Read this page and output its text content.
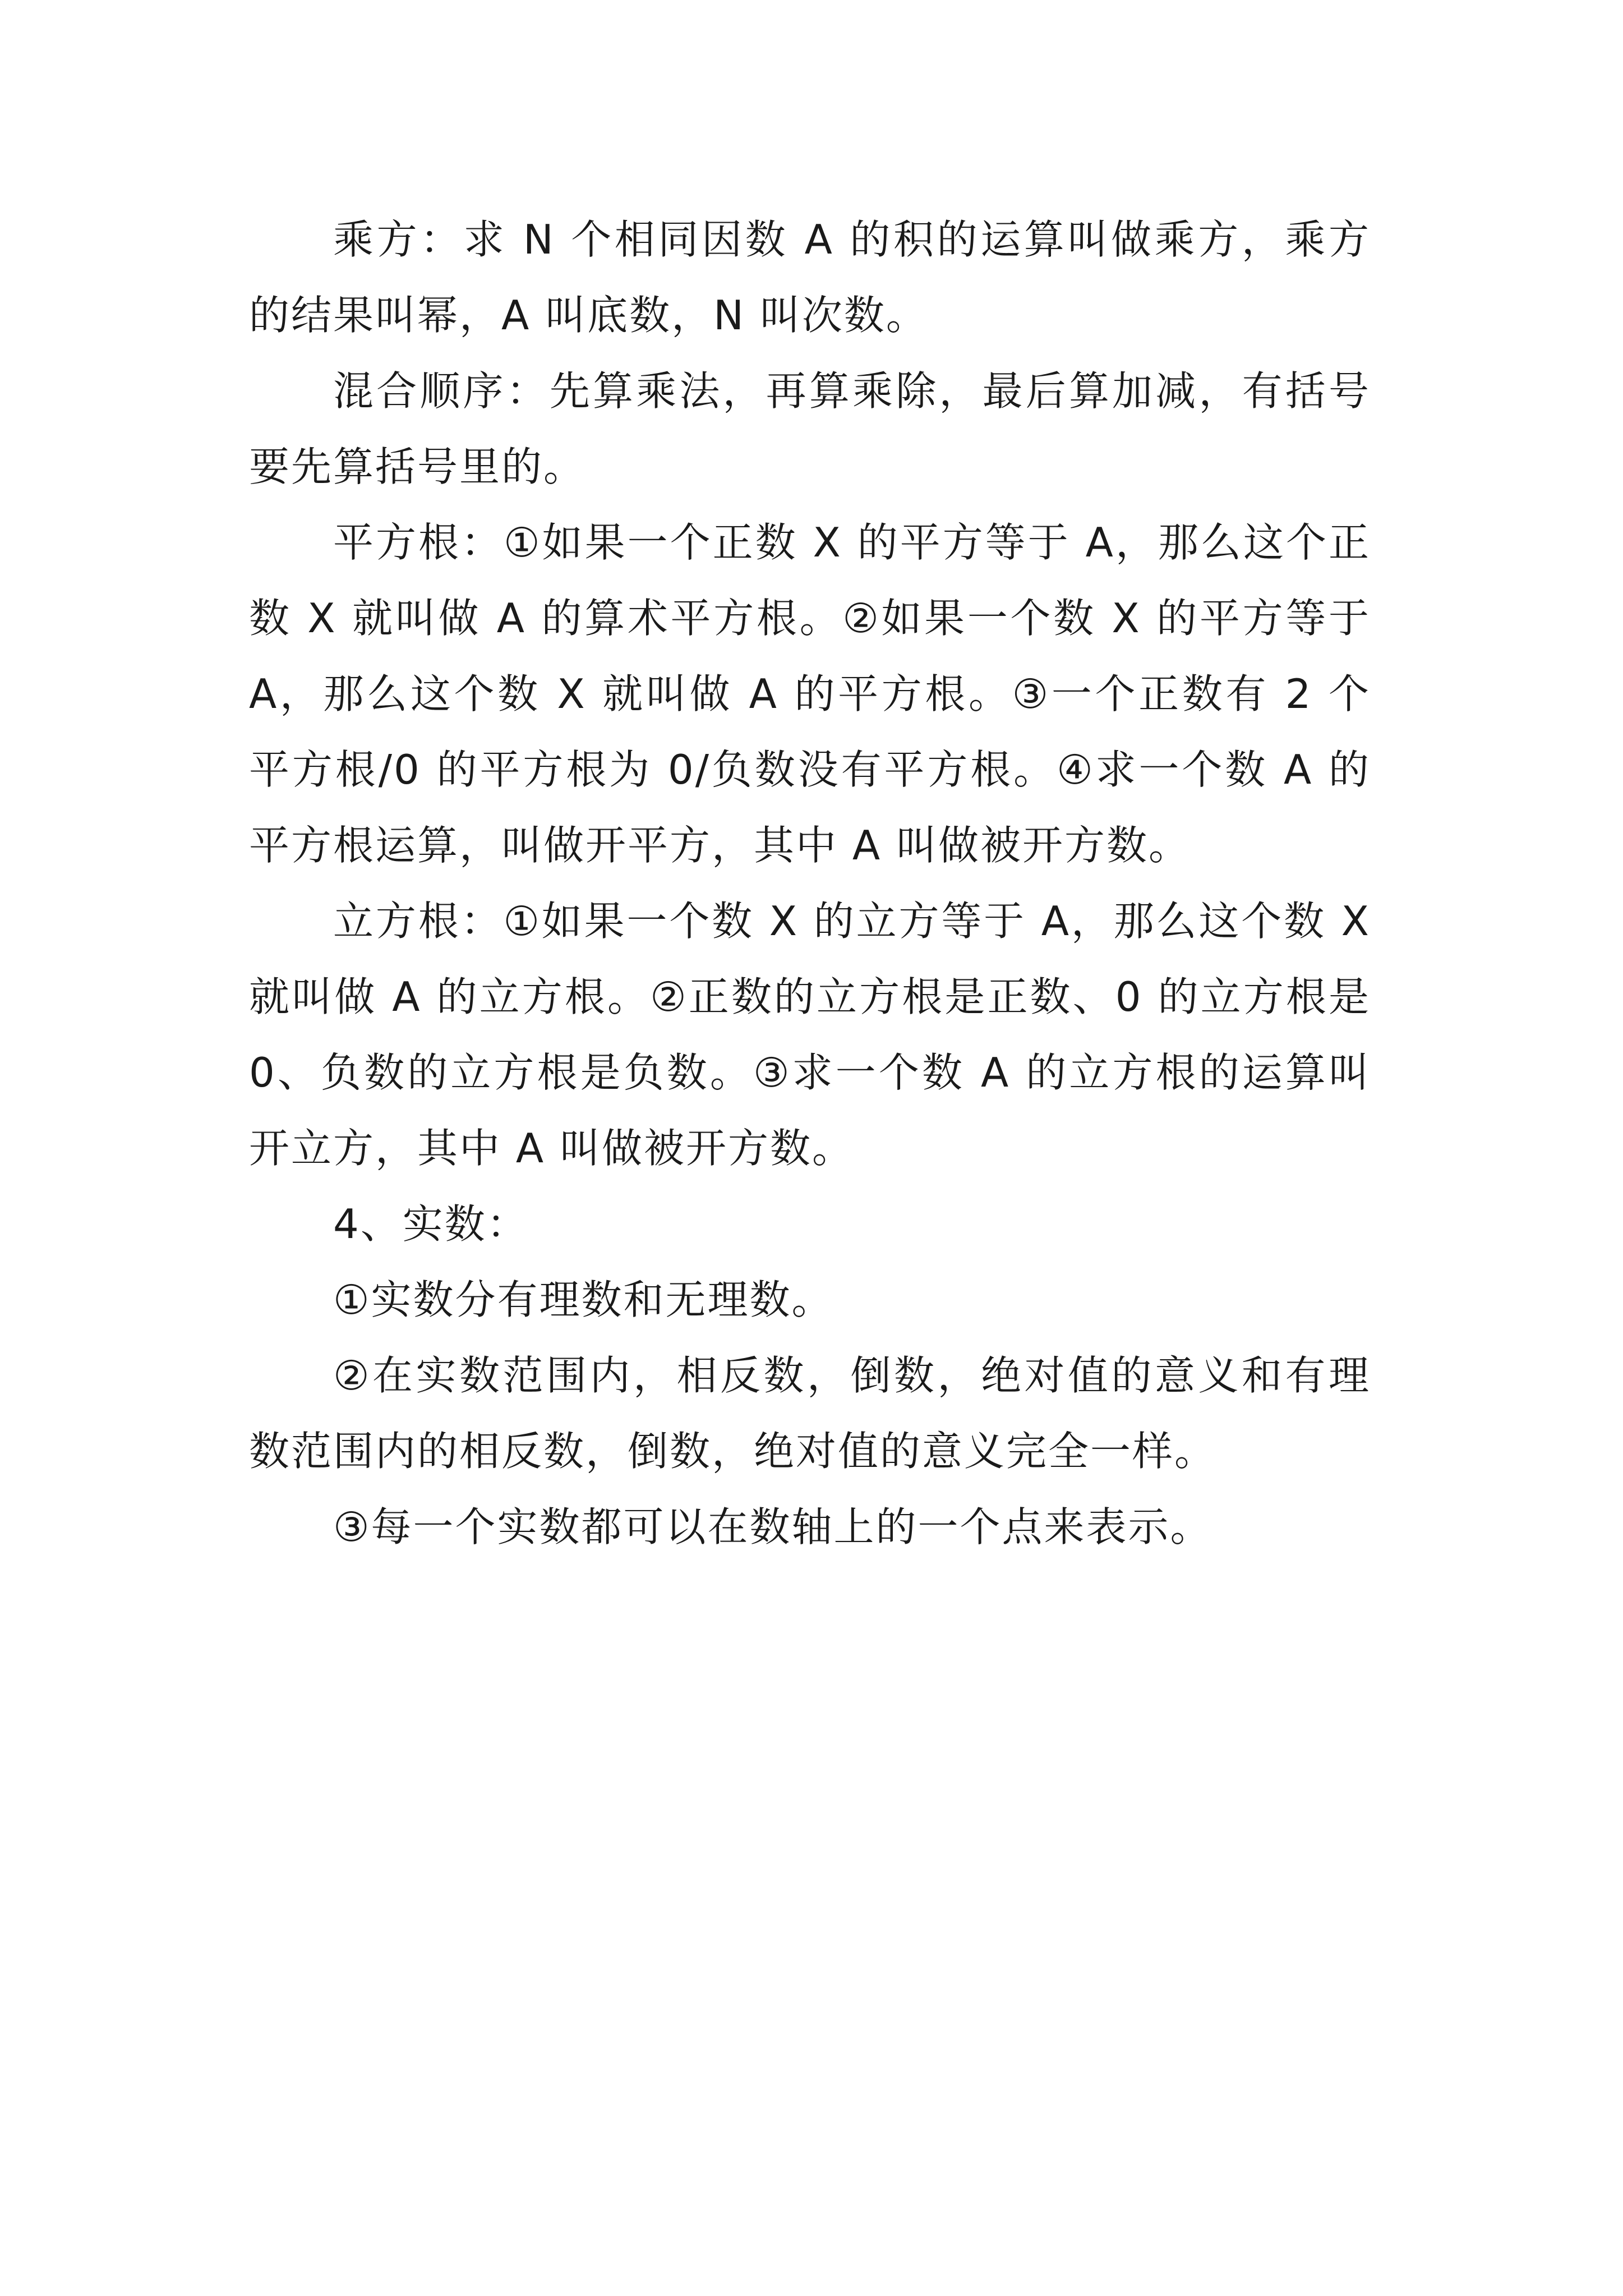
乘方：求 N 个相同因数 A 的积的运算叫做乘方，乘方的结果叫幂，A 叫底数，N 叫次数。

混合顺序：先算乘法，再算乘除，最后算加减，有括号要先算括号里的。

平方根：①如果一个正数 X 的平方等于 A，那么这个正数 X 就叫做 A 的算术平方根。②如果一个数 X 的平方等于 A，那么这个数 X 就叫做 A 的平方根。③一个正数有 2 个平方根/0 的平方根为 0/负数没有平方根。④求一个数 A 的平方根运算，叫做开平方，其中 A 叫做被开方数。

立方根：①如果一个数 X 的立方等于 A，那么这个数 X 就叫做 A 的立方根。②正数的立方根是正数、0 的立方根是 0、负数的立方根是负数。③求一个数 A 的立方根的运算叫开立方，其中 A 叫做被开方数。

4、实数：

①实数分有理数和无理数。

②在实数范围内，相反数，倒数，绝对值的意义和有理数范围内的相反数，倒数，绝对值的意义完全一样。

③每一个实数都可以在数轴上的一个点来表示。
